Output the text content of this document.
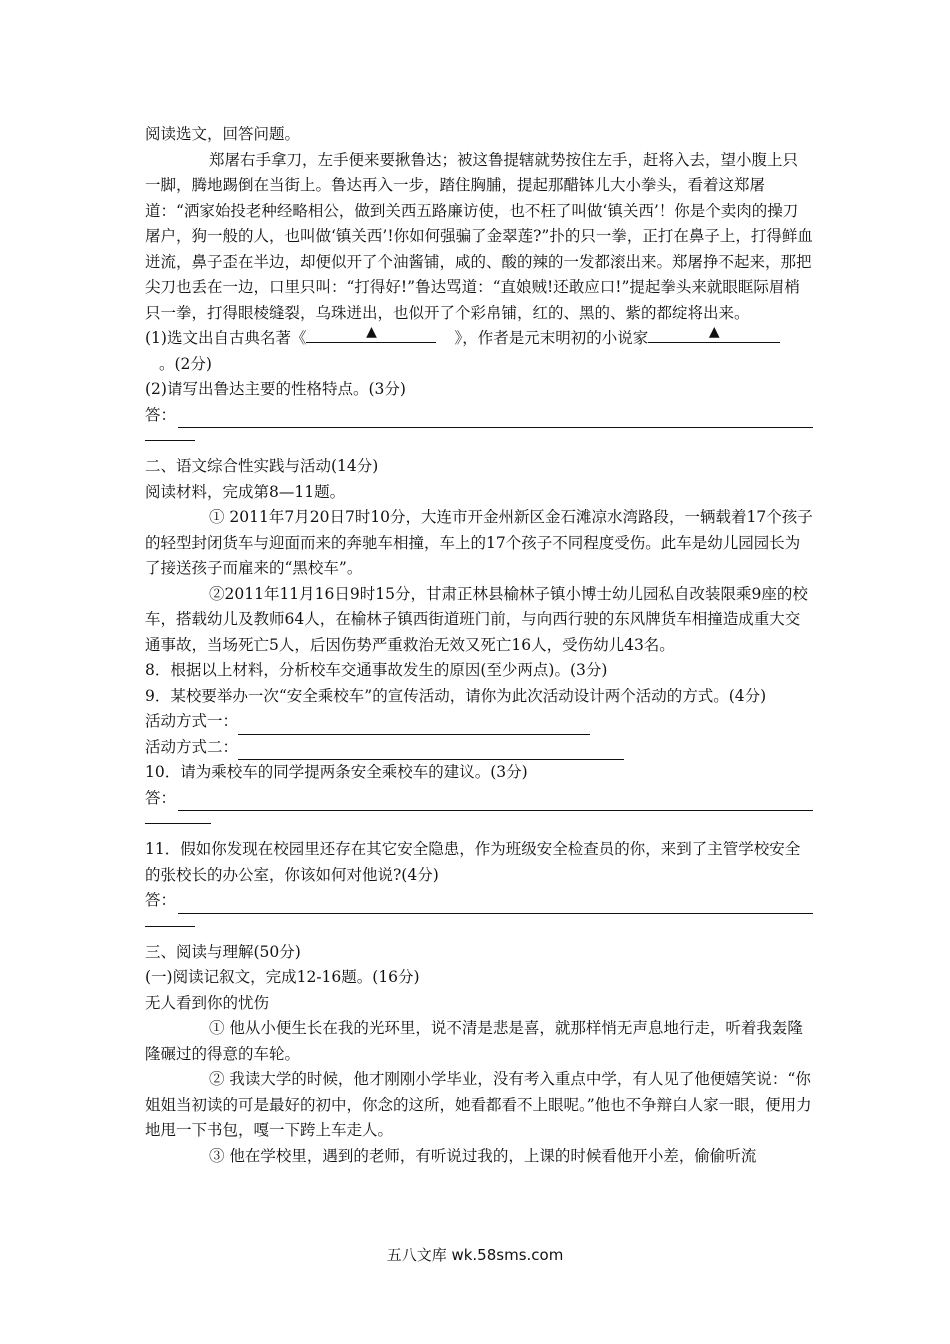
阅读选文，回答问题。

郑屠右手拿刀，左手便来要揪鲁达；被这鲁提辖就势按住左手，赶将入去，望小腹上只一脚，腾地踢倒在当街上。鲁达再入一步，踏住胸脯，提起那醋钵儿大小拳头，看着这郑屠道：“洒家始投老种经略相公，做到关西五路廉访使，也不枉了叫做‘镇关西’！你是个卖肉的操刀屠户，狗一般的人，也叫做‘镇关西’!你如何强骗了金翠莲?”扑的只一拳，正打在鼻子上，打得鲜血迸流，鼻子歪在半边，却便似开了个油酱铺，咸的、酸的辣的一发都滚出来。郑屠挣不起来，那把尖刀也丢在一边，口里只叫：“打得好!”鲁达骂道：“直娘贼!还敢应口!”提起拳头来就眼眶际眉梢只一拳，打得眼棱缝裂，乌珠迸出，也似开了个彩帛铺，红的、黑的、紫的都绽将出来。

(1)选文出自古典名著《	▲	》，作者是元末明初的小说家	▲

。(2分)

(2)请写出鲁达主要的性格特点。(3分)

答：

二、语文综合性实践与活动(14分)

阅读材料，完成第8—11题。

① 2011年7月20日7时10分，大连市开金州新区金石滩凉水湾路段，一辆载着17个孩子的轻型封闭货车与迎面而来的奔驰车相撞，车上的17个孩子不同程度受伤。此车是幼儿园园长为了接送孩子而雇来的“黑校车”。

②2011年11月16日9时15分，甘肃正林县榆林子镇小博士幼儿园私自改装限乘9座的校车，搭载幼儿及教师64人，在榆林子镇西街道班门前，与向西行驶的东风牌货车相撞造成重大交通事故，当场死亡5人，后因伤势严重救治无效又死亡16人，受伤幼儿43名。

8．根据以上材料，分析校车交通事故发生的原因(至少两点)。(3分)

9．某校要举办一次“安全乘校车”的宣传活动，请你为此次活动设计两个活动的方式。(4分)

活动方式一：
活动方式二：

10．请为乘校车的同学提两条安全乘校车的建议。(3分)

答：

11．假如你发现在校园里还存在其它安全隐患，作为班级安全检查员的你，来到了主管学校安全的张校长的办公室，你该如何对他说?(4分)

答：

三、阅读与理解(50分)

(一)阅读记叙文，完成12-16题。(16分)

无人看到你的忧伤

① 他从小便生长在我的光环里，说不清是悲是喜，就那样悄无声息地行走，听着我轰隆隆碾过的得意的车轮。

② 我读大学的时候，他才刚刚小学毕业，没有考入重点中学，有人见了他便嬉笑说：“你姐姐当初读的可是最好的初中，你念的这所，她看都看不上眼呢。”他也不争辩白人家一眼，便用力地甩一下书包，嘎一下跨上车走人。

③ 他在学校里，遇到的老师，有听说过我的，上课的时候看他开小差，偷偷听流

五八文库 wk.58sms.com
